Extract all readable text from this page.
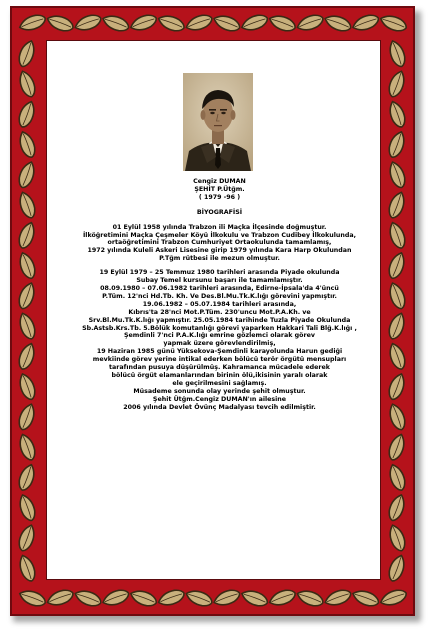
Cengiz DUMAN
ŞEHİT P.Ütğm.
( 1979 -96 )
BİYOGRAFİSİ
01 Eylül 1958 yılında Trabzon ili Maçka İlçesinde doğmuştur.
İlköğretimini Maçka Çeşmeler Köyü İlkokulu ve Trabzon Cudibey İlkokulunda,
ortaöğretimini Trabzon Cumhuriyet Ortaokulunda tamamlamış,
1972 yılında Kuleli Askeri Lisesine girip 1979 yılında Kara Harp Okulundan
P.Tğm rütbesi ile mezun olmuştur.
19 Eylül 1979 – 25 Temmuz 1980 tarihleri arasında Piyade okulunda
Subay Temel kursunu başarı ile tamamlamıştır.
08.09.1980 – 07.06.1982 tarihleri arasında, Edirne-İpsala'da 4'üncü
P.Tüm. 12'nci Hd.Tb. Kh. Ve Des.Bl.Mu.Tk.K.lığı görevini yapmıştır.
19.06.1982 – 05.07.1984 tarihleri arasında,
Kıbrıs'ta 28'nci Mot.P.Tüm. 230'uncu Mot.P.A.Kh. ve
Srv.Bl.Mu.Tk.K.lığı yapmıştır. 25.05.1984 tarihinde Tuzla Piyade Okulunda
Sb.Astsb.Krs.Tb. 5.Bölük komutanlığı görevi yaparken Hakkari Tali Blğ.K.lığı ,
Şemdinli 7'nci P.A.K.lığı emrine gözlemci olarak görev
yapmak üzere görevlendirilmiş,
19 Haziran 1985 günü Yüksekova-Şemdinli karayolunda Harun gediği
mevkiinde görev yerine intikal ederken bölücü terör örgütü mensupları
tarafından pusuya düşürülmüş. Kahramanca mücadele ederek
bölücü örgüt elamanlarından birinin ölü,ikisinin yaralı olarak
ele geçirilmesini sağlamış.
Müsademe sonunda olay yerinde şehit olmuştur.
Şehit Ütğm.Cengiz DUMAN'ın ailesine
2006 yılında Devlet Övünç Madalyası tevcih edilmiştir.
